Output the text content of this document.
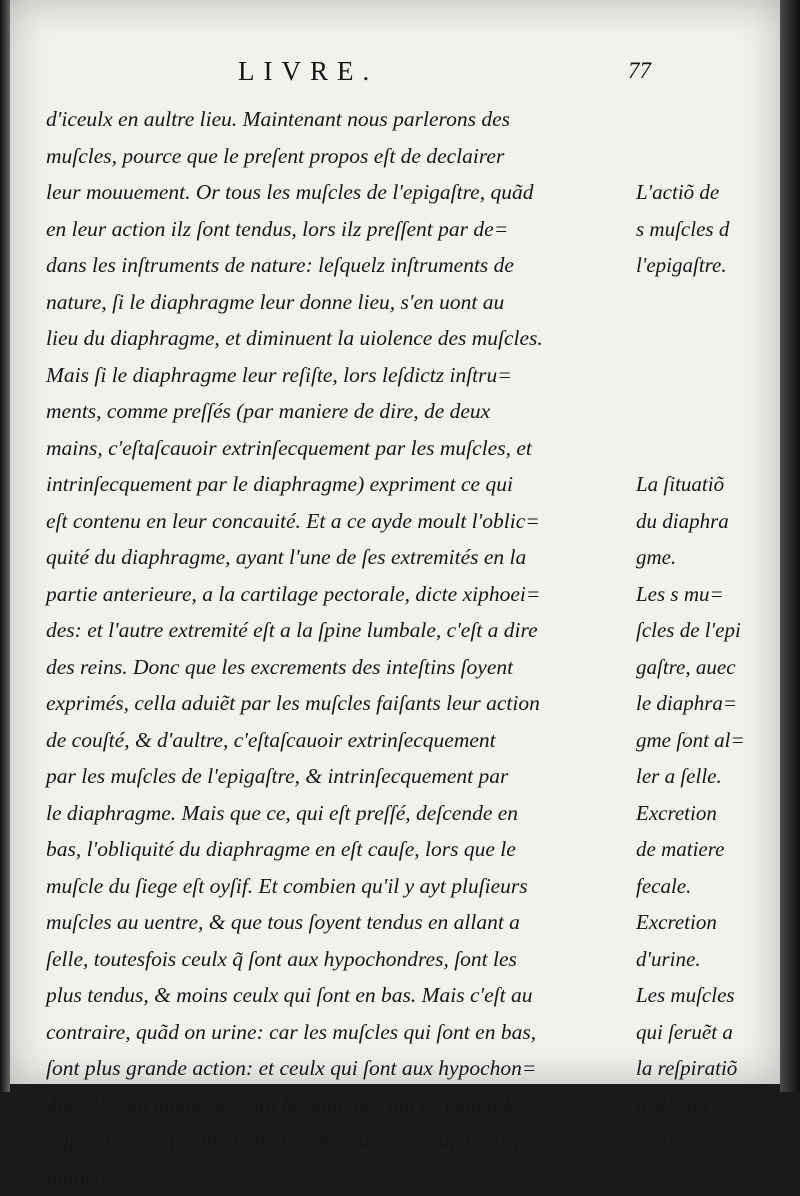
LIVRE.	77
d'iceulx en aultre lieu. Maintenant nous parlerons des
muſcles, pource que le preſent propos eſt de declairer
leur mouuement. Or tous les muſcles de l'epigaſtre, quãd
en leur action ilz ſont tendus, lors ilz preſſent par de=
dans les inſtruments de nature: leſquelz inſtruments de
nature, ſi le diaphragme leur donne lieu, s'en uont au
lieu du diaphragme, et diminuent la uiolence des muſcles.
Mais ſi le diaphragme leur reſiſte, lors leſdictz inſtru=
ments, comme preſſés (par maniere de dire, de deux
mains, c'eſtaſcauoir extrinſecquement par les muſcles, et
intrinſecquement par le diaphragme) expriment ce qui
eſt contenu en leur concauité. Et a ce ayde moult l'oblic=
quité du diaphragme, ayant l'une de ſes extremités en la
partie anterieure, a la cartilage pectorale, dicte xiphoei=
des: et l'autre extremité eſt a la ſpine lumbale, c'eſt a dire
des reins. Donc que les excrements des inteſtins ſoyent
exprimés, cella aduiẽt par les muſcles faiſants leur action
de couſté, & d'aultre, c'eſtaſcauoir extrinſecquement
par les muſcles de l'epigaſtre, & intrinſecquement par
le diaphragme. Mais que ce, qui eſt preſſé, deſcende en
bas, l'obliquité du diaphragme en eſt cauſe, lors que le
muſcle du ſiege eſt oyſif. Et combien qu'il y ayt pluſieurs
muſcles au uentre, & que tous ſoyent tendus en allant a
ſelle, toutesfois ceulx q̃ ſont aux hypochondres, ſont les
plus tendus, & moins ceulx qui ſont en bas. Mais c'eſt au
contraire, quãd on urine: car les muſcles qui ſont en bas,
ſont plus grande action: et ceulx qui ſont aux hypochon=
dres, la ſont moindre. Auſſi les muſcles, qui ſeruent a la
reſpiration, enſemble ſont eſtendus auec les muſcles deſ=
ſuſdictz,
L'actiõ de
s muſcles d
l'epigaſtre.
La ſituatiõ
du diaphra
gme.
Les s mu=
ſcles de l'epi
gaſtre, auec
le diaphra=
gme ſont al=
ler a ſelle.
Excretion
de matiere
fecale.
Excretion
d'urine.
Les muſcles
qui ſeruẽt a
la reſpiratiõ
aydẽt a l'ex
cretion.
